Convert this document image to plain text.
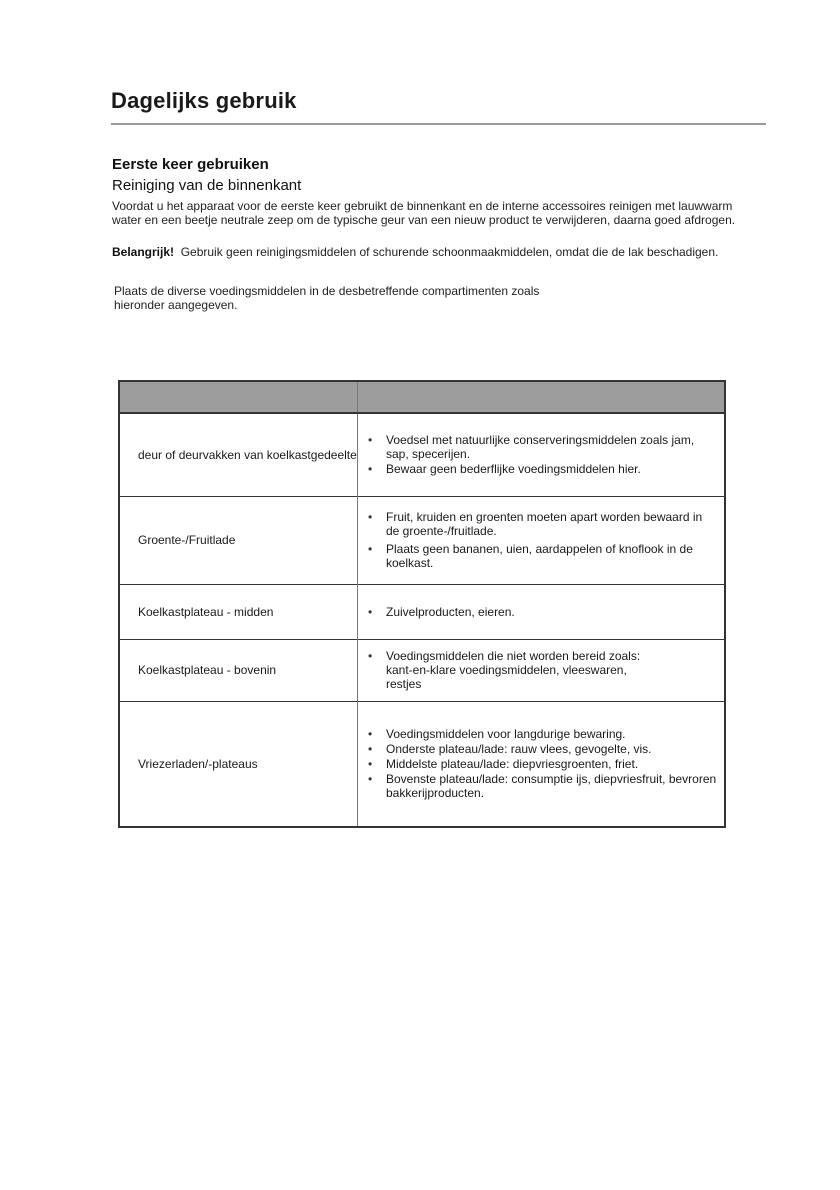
Dagelijks gebruik
Eerste keer gebruiken
Reiniging van de binnenkant
Voordat u het apparaat voor de eerste keer gebruikt de binnenkant en de interne accessoires reinigen met lauwwarm water en een beetje neutrale zeep om de typische geur van een nieuw product te verwijderen, daarna goed afdrogen.
Belangrijk! Gebruik geen reinigingsmiddelen of schurende schoonmaakmiddelen, omdat die de lak beschadigen.
Plaats de diverse voedingsmiddelen in de desbetreffende compartimenten zoals hieronder aangegeven.

deur of deurvakken van koelkastgedeelte	
• Voedsel met natuurlijke conserveringsmiddelen zoals jam, sap, specerijen.
• Bewaar geen bederflijke voedingsmiddelen hier.

Groente-/Fruitlade	
• Fruit, kruiden en groenten moeten apart worden bewaard in de groente-/fruitlade.
• Plaats geen bananen, uien, aardappelen of knoflook in de koelkast.

Koelkastplateau - midden	
•Zuivelproducten, eieren.

Koelkastplateau - bovenin	
• Voedingsmiddelen die niet worden bereid zoals: kant-en-klare voedingsmiddelen, vleeswaren, restjes

Vriezerladen/-plateaus	
• Voedingsmiddelen voor langdurige bewaring.
• Onderste plateau/lade: rauw vlees, gevogelte, vis.
• Middelste plateau/lade: diepvriesgroenten, friet.
• Bovenste plateau/lade: consumptie ijs, diepvriesfruit, bevroren bakkerijproducten.
